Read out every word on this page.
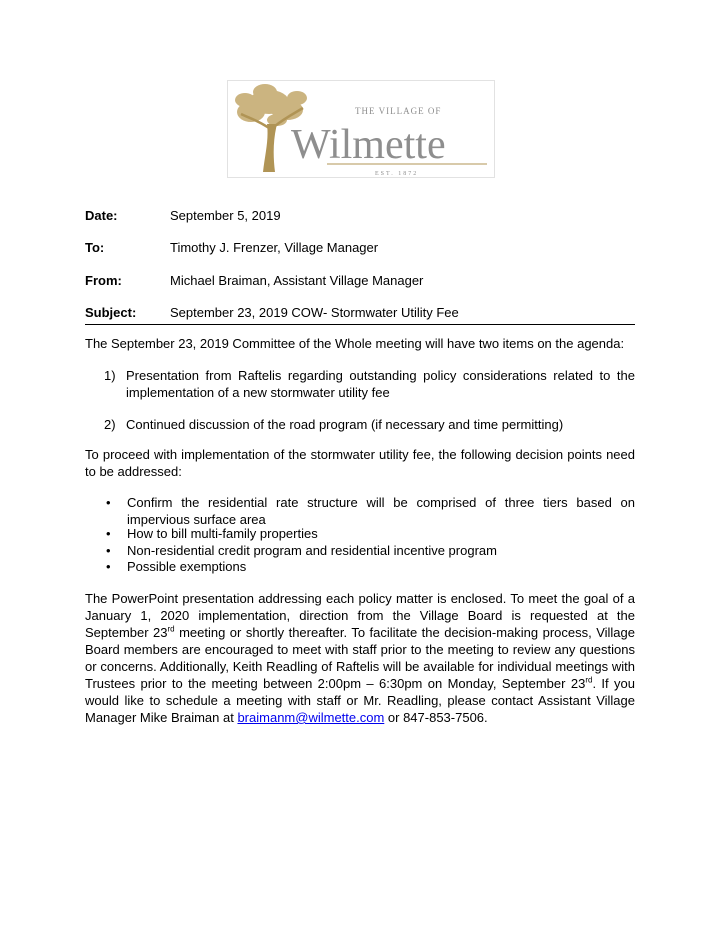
THE VILLAGE OF
Wilmette
EST. 1872
Date:	September 5, 2019
To:	Timothy J. Frenzer, Village Manager
From:	Michael Braiman, Assistant Village Manager
Subject:	September 23, 2019 COW- Stormwater Utility Fee
The September 23, 2019 Committee of the Whole meeting will have two items on the agenda:
1) Presentation from Raftelis regarding outstanding policy considerations related to the implementation of a new stormwater utility fee
2) Continued discussion of the road program (if necessary and time permitting)
To proceed with implementation of the stormwater utility fee, the following decision points need to be addressed:
• Confirm the residential rate structure will be comprised of three tiers based on impervious surface area
• How to bill multi-family properties
• Non-residential credit program and residential incentive program
• Possible exemptions
The PowerPoint presentation addressing each policy matter is enclosed. To meet the goal of a January 1, 2020 implementation, direction from the Village Board is requested at the September 23rd meeting or shortly thereafter. To facilitate the decision-making process, Village Board members are encouraged to meet with staff prior to the meeting to review any questions or concerns. Additionally, Keith Readling of Raftelis will be available for individual meetings with Trustees prior to the meeting between 2:00pm – 6:30pm on Monday, September 23rd. If you would like to schedule a meeting with staff or Mr. Readling, please contact Assistant Village Manager Mike Braiman at braimanm@wilmette.com or 847-853-7506.
